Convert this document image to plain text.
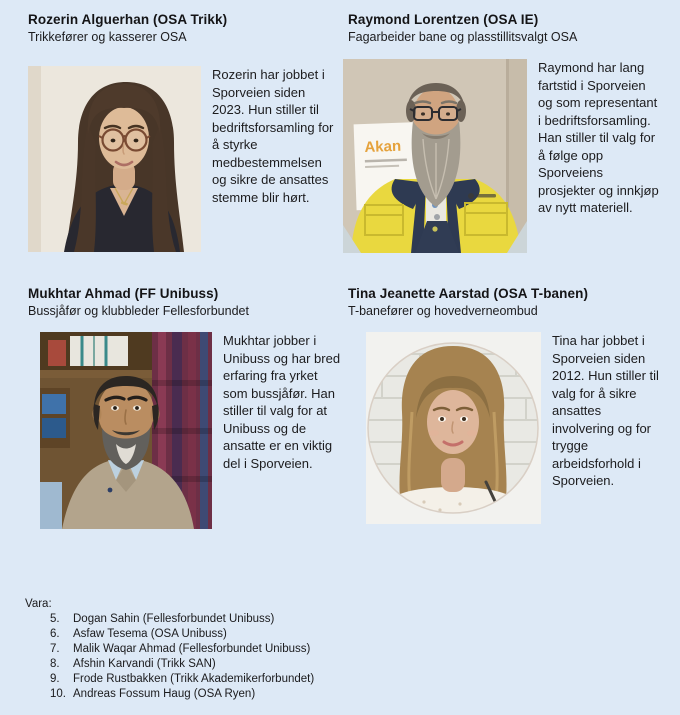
Rozerin Alguerhan (OSA Trikk)
Trikkefører og kasserer OSA
Rozerin har jobbet i Sporveien siden 2023. Hun stiller til bedriftsforsamling for å styrke medbestemmelsen og sikre de ansattes stemme blir hørt.
Raymond Lorentzen (OSA IE)
Fagarbeider bane og plasstillitsvalgt OSA
Akan
Raymond har lang fartstid i Sporveien og som representant i bedriftsforsamling. Han stiller til valg for å følge opp Sporveiens prosjekter og innkjøp av nytt materiell.
Mukhtar Ahmad (FF Unibuss)
Bussjåfør og klubbleder Fellesforbundet
Mukhtar jobber i Unibuss og har bred erfaring fra yrket som bussjåfør. Han stiller til valg for at Unibuss og de ansatte er en viktig del i Sporveien.
Tina Jeanette Aarstad (OSA T-banen)
T-banefører og hovedverneombud
Tina har jobbet i Sporveien siden 2012. Hun stiller til valg for å sikre ansattes involvering og for trygge arbeidsforhold i Sporveien.
Vara:
5.	Dogan Sahin (Fellesforbundet Unibuss)
6.	Asfaw Tesema (OSA Unibuss)
7.	Malik Waqar Ahmad (Fellesforbundet Unibuss)
8.	Afshin Karvandi (Trikk SAN)
9.	Frode Rustbakken (Trikk Akademikerforbundet)
10. Andreas Fossum Haug (OSA Ryen)
